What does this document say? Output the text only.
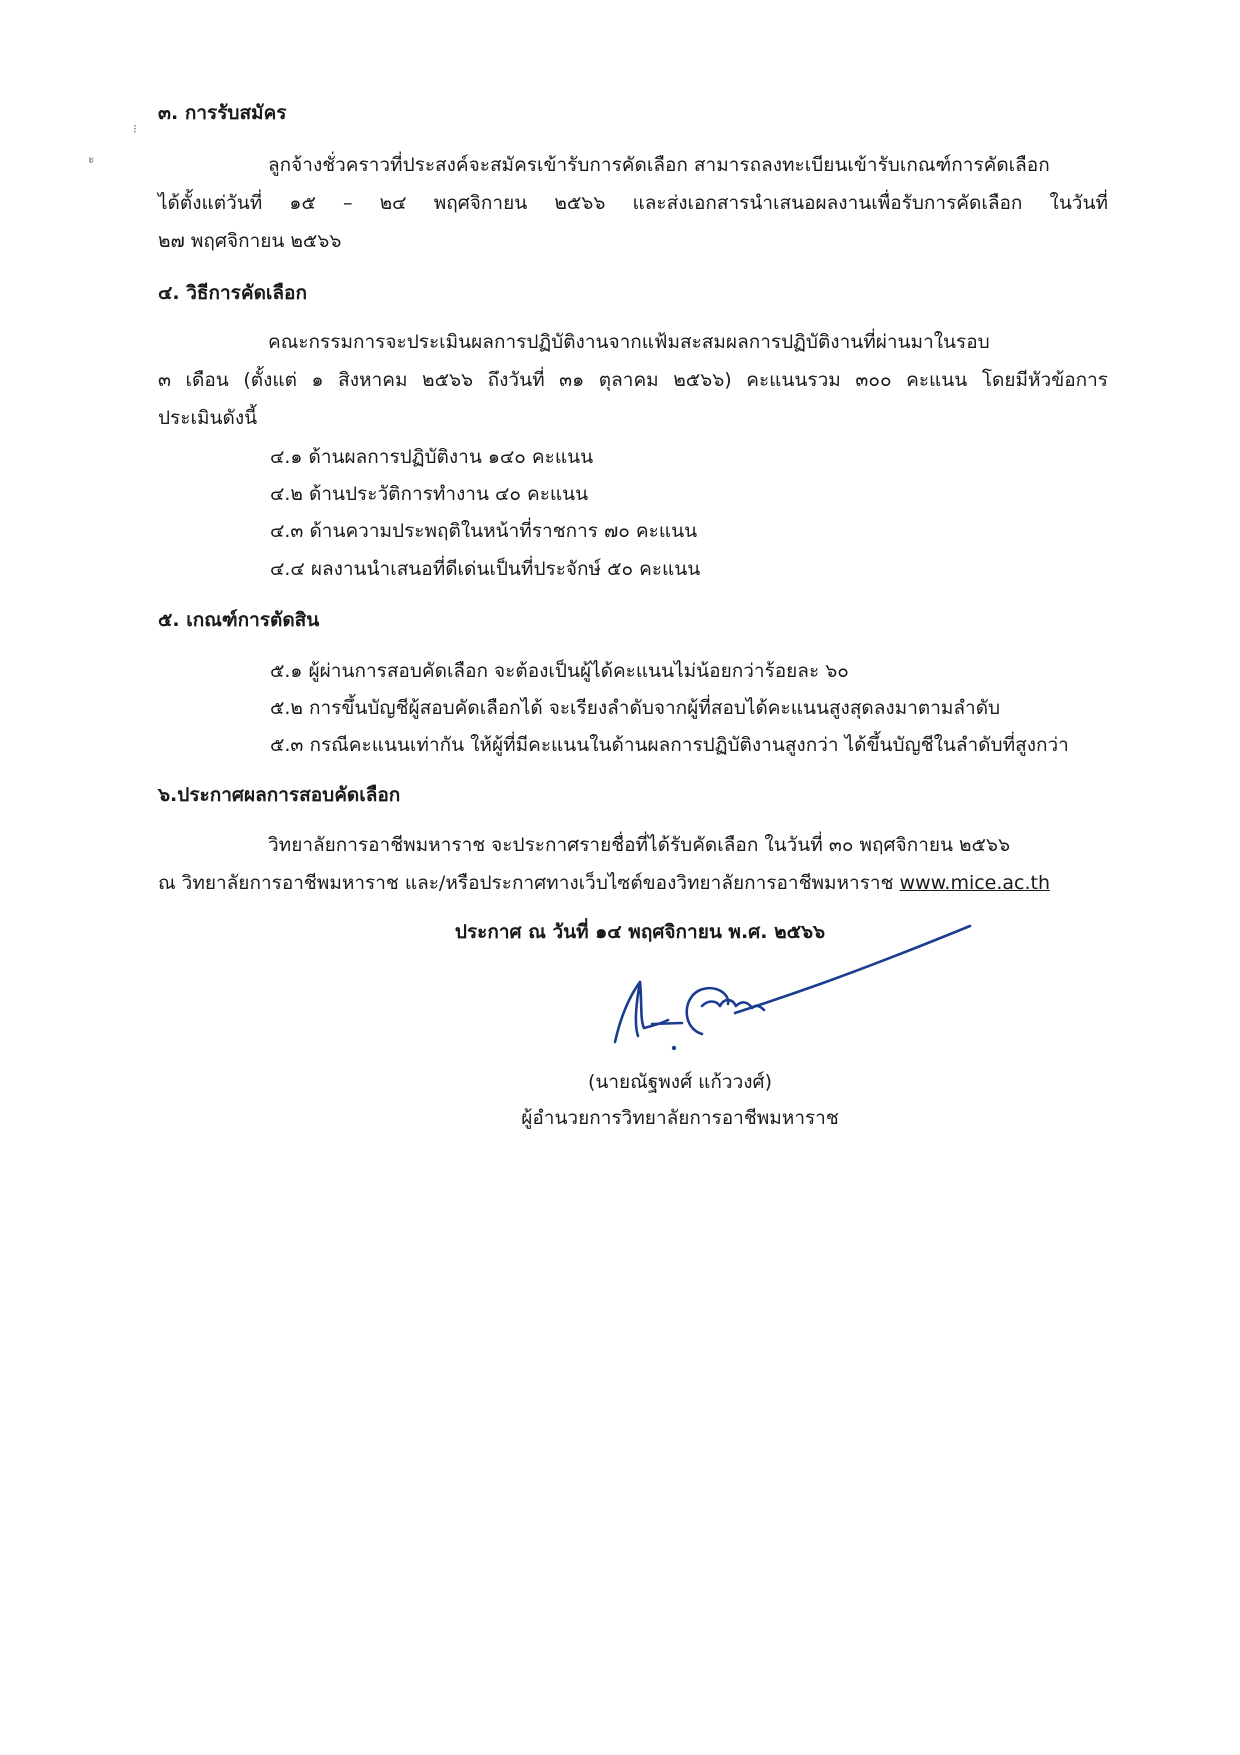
๓. การรับสมัคร
⁝
ะ	ลูกจ้างชั่วคราวที่ประสงค์จะสมัครเข้ารับการคัดเลือก สามารถลงทะเบียนเข้ารับเกณฑ์การคัดเลือก
ได้ตั้งแต่วันที่ ๑๕ – ๒๔ พฤศจิกายน ๒๕๖๖ และส่งเอกสารนำเสนอผลงานเพื่อรับการคัดเลือก ในวันที่
๒๗ พฤศจิกายน ๒๕๖๖
๔. วิธีการคัดเลือก
คณะกรรมการจะประเมินผลการปฏิบัติงานจากแฟ้มสะสมผลการปฏิบัติงานที่ผ่านมาในรอบ
๓ เดือน (ตั้งแต่ ๑ สิงหาคม ๒๕๖๖ ถึงวันที่ ๓๑ ตุลาคม ๒๕๖๖) คะแนนรวม ๓๐๐ คะแนน โดยมีหัวข้อการ
ประเมินดังนี้
๔.๑ ด้านผลการปฏิบัติงาน ๑๔๐ คะแนน
๔.๒ ด้านประวัติการทำงาน ๔๐ คะแนน
๔.๓ ด้านความประพฤติในหน้าที่ราชการ ๗๐ คะแนน
๔.๔ ผลงานนำเสนอที่ดีเด่นเป็นที่ประจักษ์ ๕๐ คะแนน
๕. เกณฑ์การตัดสิน
๕.๑ ผู้ผ่านการสอบคัดเลือก จะต้องเป็นผู้ได้คะแนนไม่น้อยกว่าร้อยละ ๖๐
๕.๒ การขึ้นบัญชีผู้สอบคัดเลือกได้ จะเรียงลำดับจากผู้ที่สอบได้คะแนนสูงสุดลงมาตามลำดับ
๕.๓ กรณีคะแนนเท่ากัน ให้ผู้ที่มีคะแนนในด้านผลการปฏิบัติงานสูงกว่า ได้ขึ้นบัญชีในลำดับที่สูงกว่า
๖.ประกาศผลการสอบคัดเลือก
วิทยาลัยการอาชีพมหาราช จะประกาศรายชื่อที่ได้รับคัดเลือก ในวันที่ ๓๐ พฤศจิกายน ๒๕๖๖
ณ วิทยาลัยการอาชีพมหาราช และ/หรือประกาศทางเว็บไซต์ของวิทยาลัยการอาชีพมหาราช www.mice.ac.th
ประกาศ ณ วันที่ ๑๔ พฤศจิกายน พ.ศ. ๒๕๖๖
(นายณัฐพงศ์ แก้ววงศ์)
ผู้อำนวยการวิทยาลัยการอาชีพมหาราช
